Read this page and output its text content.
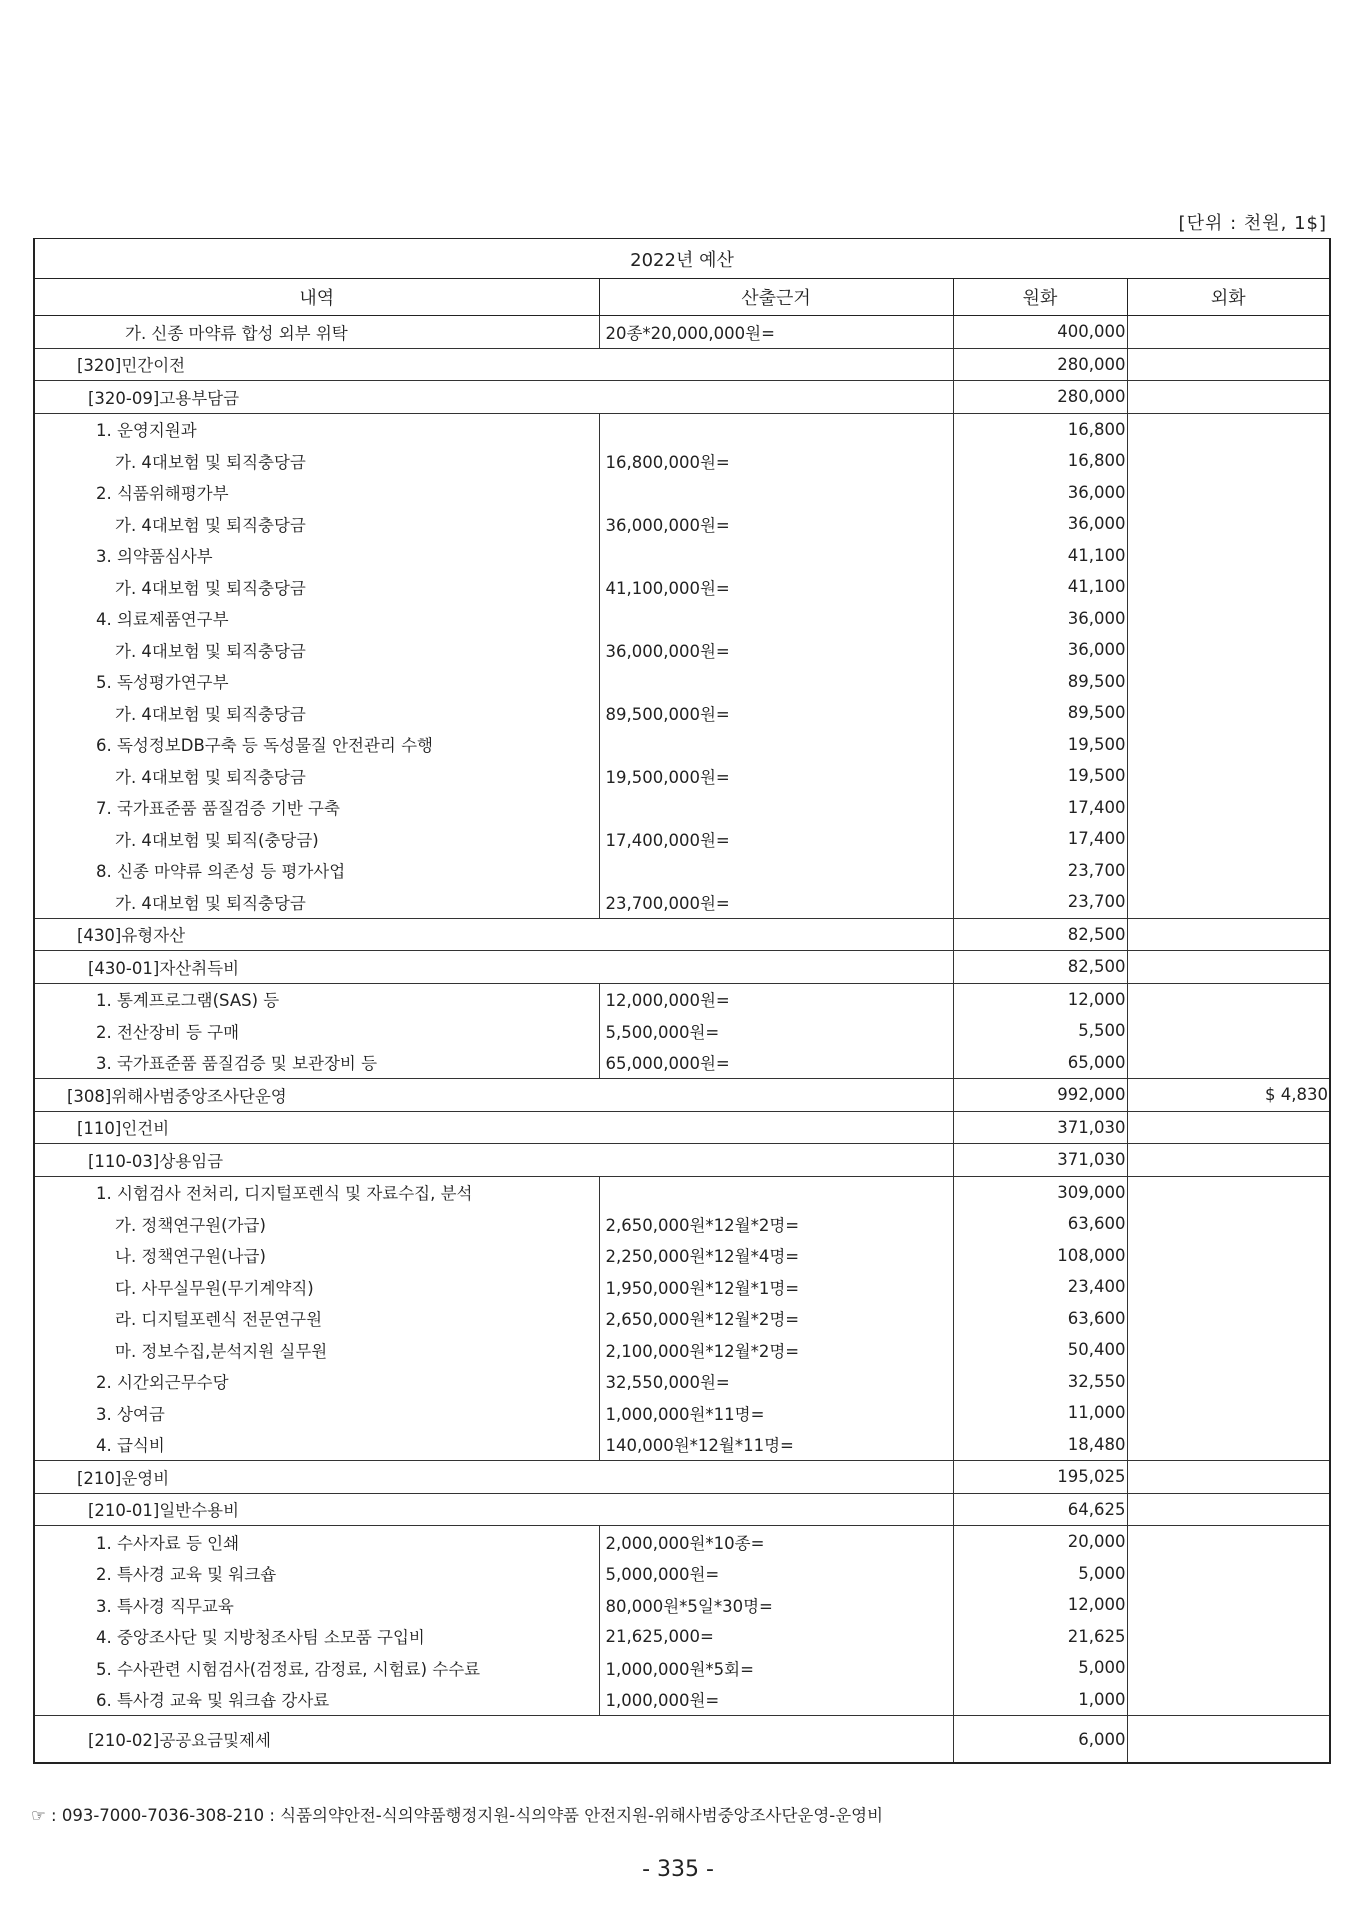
[단위 : 천원, 1$]
2022년 예산			
내역	산출근거	원화	외화
가. 신종 마약류 합성 외부 위탁	20종*20,000,000원=	400,000	
[320]민간이전		280,000	
[320-09]고용부담금		280,000	
1. 운영지원과		16,800	
가. 4대보험 및 퇴직충당금	16,800,000원=	16,800	
2. 식품위해평가부		36,000	
가. 4대보험 및 퇴직충당금	36,000,000원=	36,000	
3. 의약품심사부		41,100	
가. 4대보험 및 퇴직충당금	41,100,000원=	41,100	
4. 의료제품연구부		36,000	
가. 4대보험 및 퇴직충당금	36,000,000원=	36,000	
5. 독성평가연구부		89,500	
가. 4대보험 및 퇴직충당금	89,500,000원=	89,500	
6. 독성정보DB구축 등 독성물질 안전관리 수행		19,500	
가. 4대보험 및 퇴직충당금	19,500,000원=	19,500	
7. 국가표준품 품질검증 기반 구축		17,400	
가. 4대보험 및 퇴직(충당금)	17,400,000원=	17,400	
8. 신종 마약류 의존성 등 평가사업		23,700	
가. 4대보험 및 퇴직충당금	23,700,000원=	23,700	
[430]유형자산		82,500	
[430-01]자산취득비		82,500	
1. 통계프로그램(SAS) 등	12,000,000원=	12,000	
2. 전산장비 등 구매	5,500,000원=	5,500	
3. 국가표준품 품질검증 및 보관장비 등	65,000,000원=	65,000	
[308]위해사범중앙조사단운영		992,000	$ 4,830
[110]인건비		371,030	
[110-03]상용임금		371,030	
1. 시험검사 전처리, 디지털포렌식 및 자료수집, 분석		309,000	
가. 정책연구원(가급)	2,650,000원*12월*2명=	63,600	
나. 정책연구원(나급)	2,250,000원*12월*4명=	108,000	
다. 사무실무원(무기계약직)	1,950,000원*12월*1명=	23,400	
라. 디지털포렌식 전문연구원	2,650,000원*12월*2명=	63,600	
마. 정보수집,분석지원 실무원	2,100,000원*12월*2명=	50,400	
2. 시간외근무수당	32,550,000원=	32,550	
3. 상여금	1,000,000원*11명=	11,000	
4. 급식비	140,000원*12월*11명=	18,480	
[210]운영비		195,025	
[210-01]일반수용비		64,625	
1. 수사자료 등 인쇄	2,000,000원*10종=	20,000	
2. 특사경 교육 및 워크숍	5,000,000원=	5,000	
3. 특사경 직무교육	80,000원*5일*30명=	12,000	
4. 중앙조사단 및 지방청조사팀 소모품 구입비	21,625,000=	21,625	
5. 수사관련 시험검사(검정료, 감정료, 시험료) 수수료	1,000,000원*5회=	5,000	
6. 특사경 교육 및 워크숍 강사료	1,000,000원=	1,000	
[210-02]공공요금및제세		6,000	
☞ : 093-7000-7036-308-210 : 식품의약안전-식의약품행정지원-식의약품 안전지원-위해사범중앙조사단운영-운영비
- 335 -
